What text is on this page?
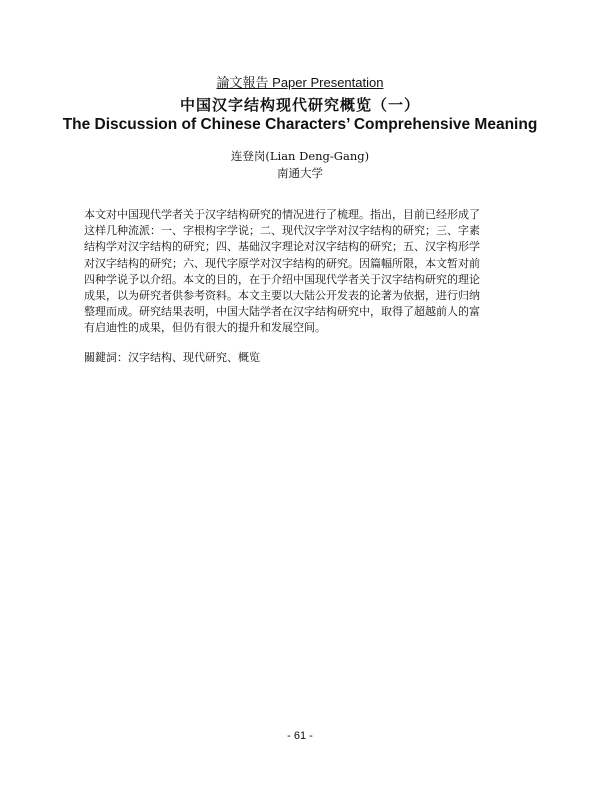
論文報告 Paper Presentation
中国汉字结构现代研究概览（一）
The Discussion of Chinese Characters’ Comprehensive Meaning
连登岗(Lian Deng-Gang)
南通大学
本文对中国现代学者关于汉字结构研究的情况进行了梳理。指出，目前已经形成了
这样几种流派：一、字根构字学说；二、现代汉字学对汉字结构的研究；三、字素
结构学对汉字结构的研究；四、基础汉字理论对汉字结构的研究；五、汉字构形学
对汉字结构的研究；六、现代字原学对汉字结构的研究。因篇幅所限，本文暂对前
四种学说予以介绍。本文的目的，在于介绍中国现代学者关于汉字结构研究的理论
成果，以为研究者供参考资料。本文主要以大陆公开发表的论著为依据，进行归纳
整理而成。研究结果表明，中国大陆学者在汉字结构研究中，取得了超越前人的富
有启迪性的成果，但仍有很大的提升和发展空间。
關鍵詞：汉字结构、现代研究、概览
- 61 -
